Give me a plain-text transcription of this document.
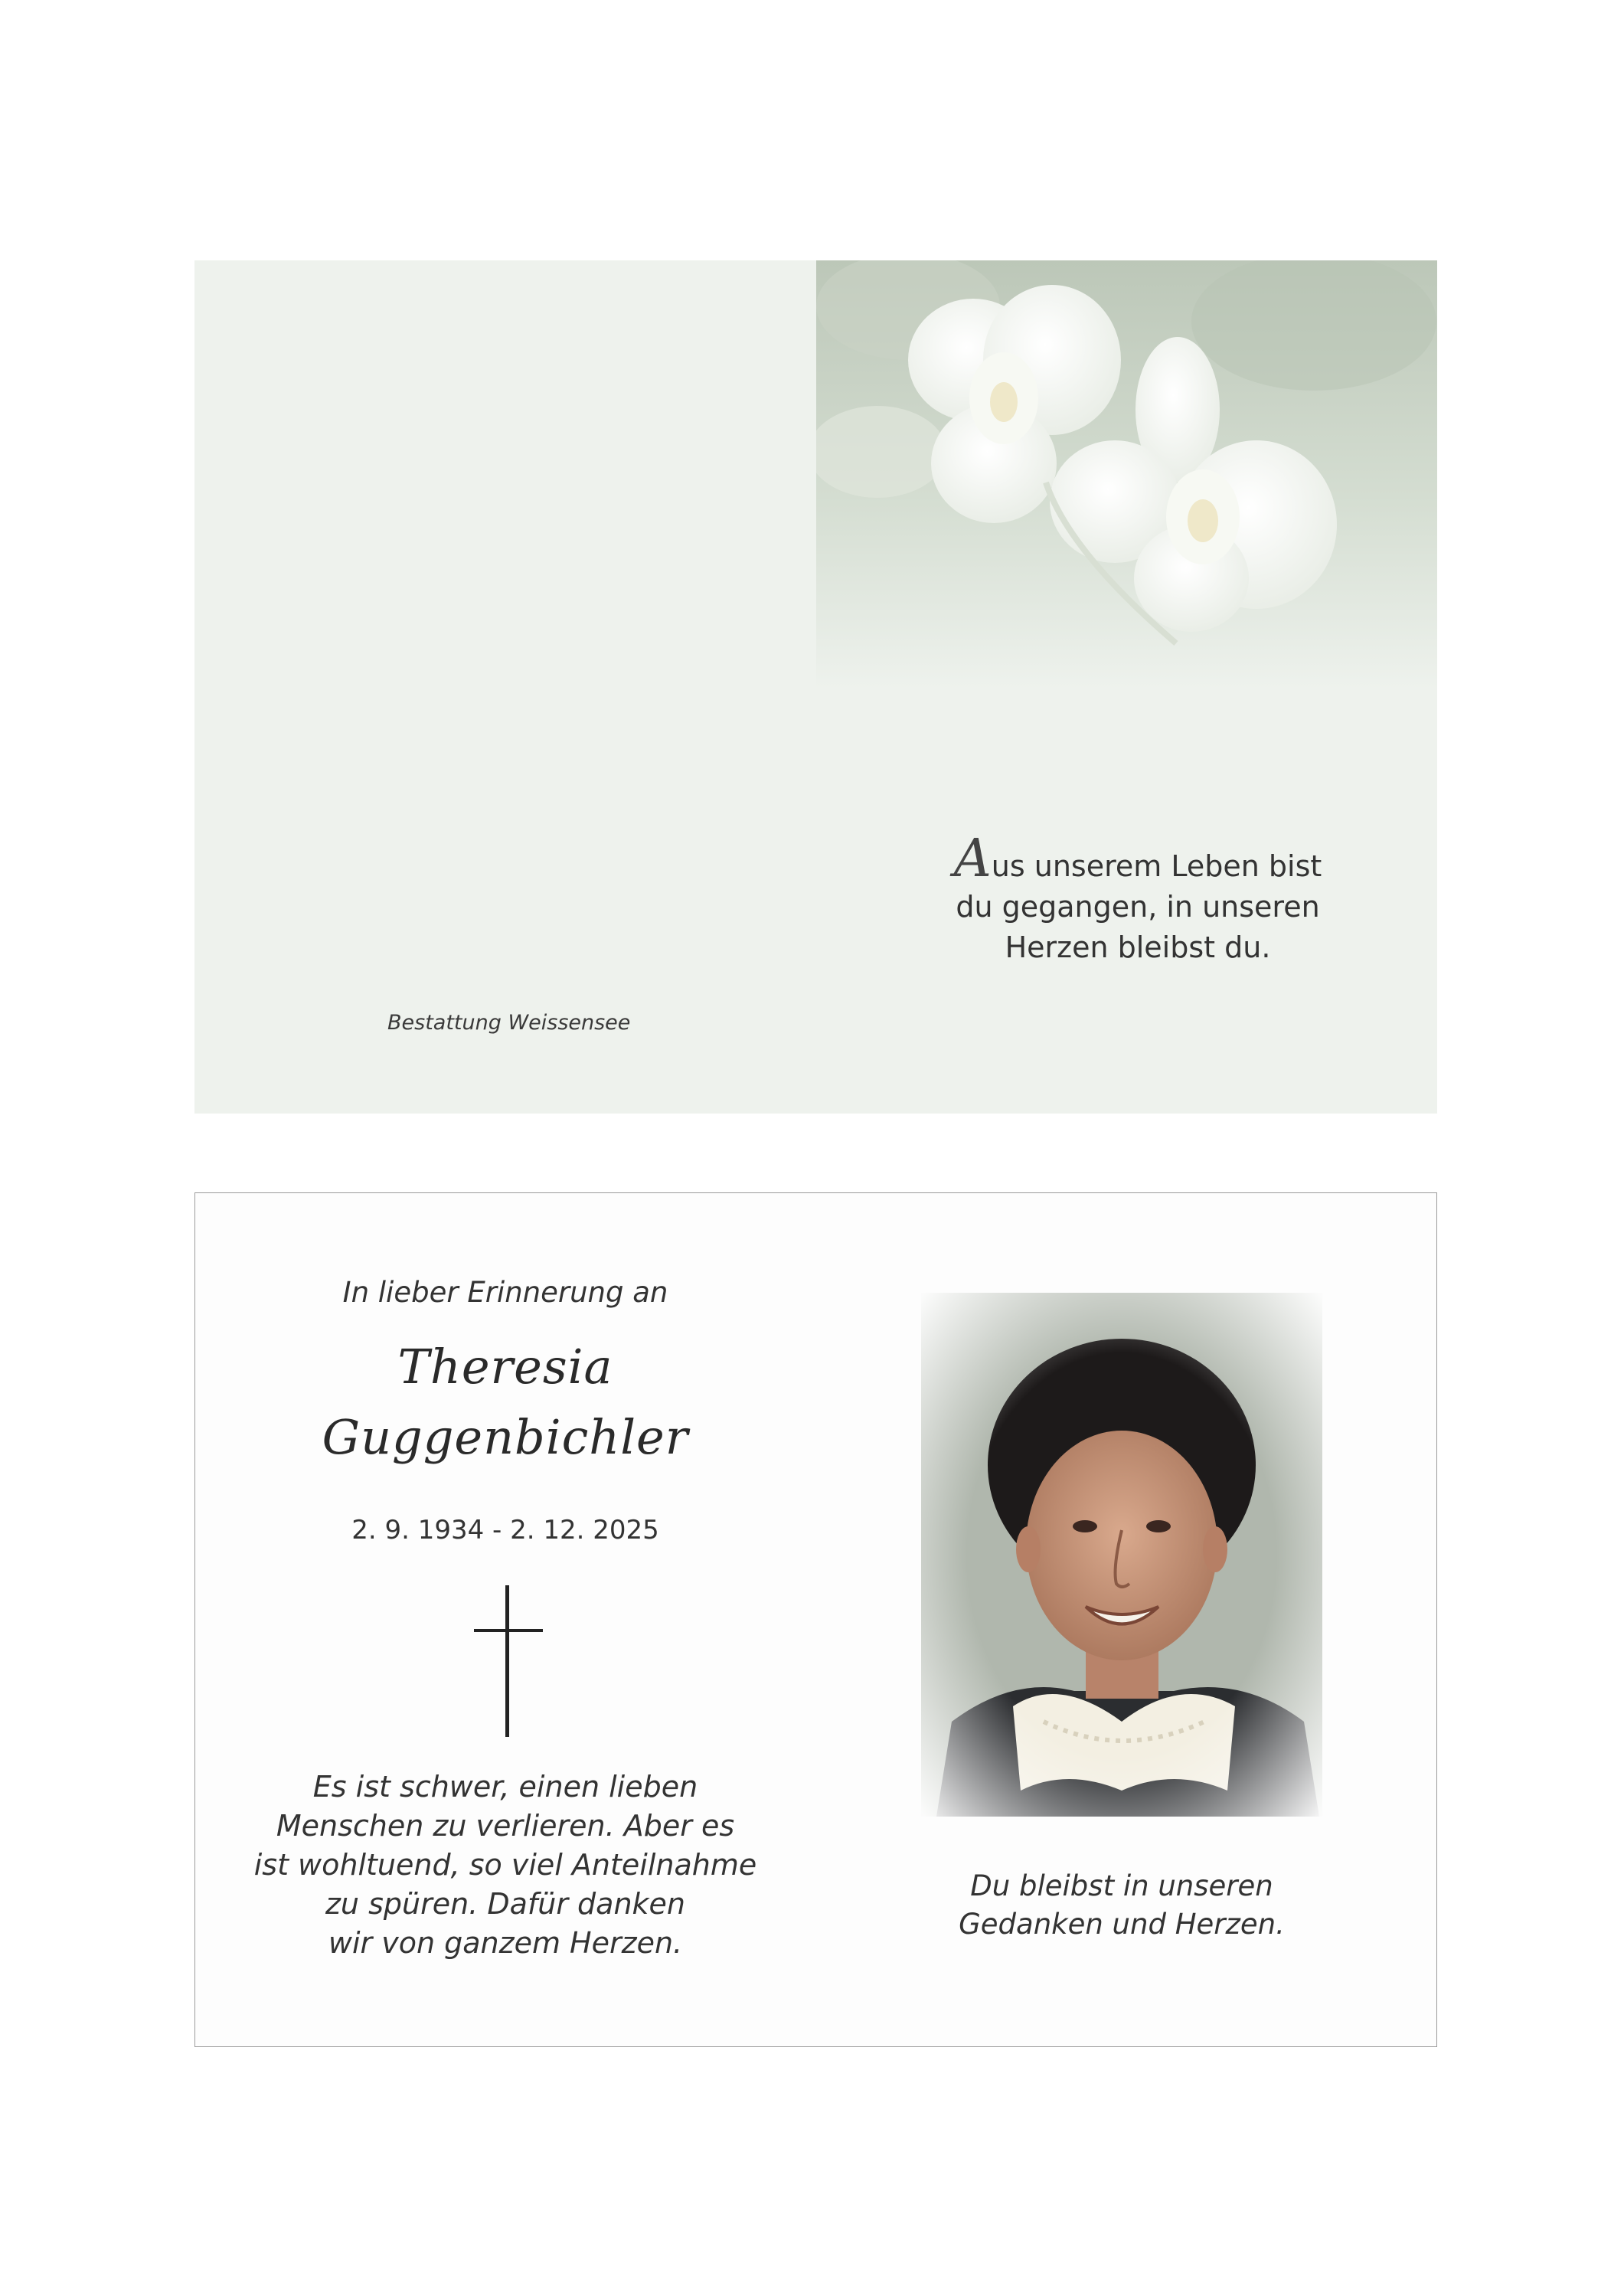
Aus unserem Leben bist
du gegangen, in unseren
Herzen bleibst du.
Bestattung Weissensee
In lieber Erinnerung an
Theresia
Guggenbichler
2. 9. 1934 - 2. 12. 2025
Es ist schwer, einen lieben
Menschen zu verlieren. Aber es
ist wohltuend, so viel Anteilnahme
zu spüren. Dafür danken
wir von ganzem Herzen.
Du bleibst in unseren
Gedanken und Herzen.
